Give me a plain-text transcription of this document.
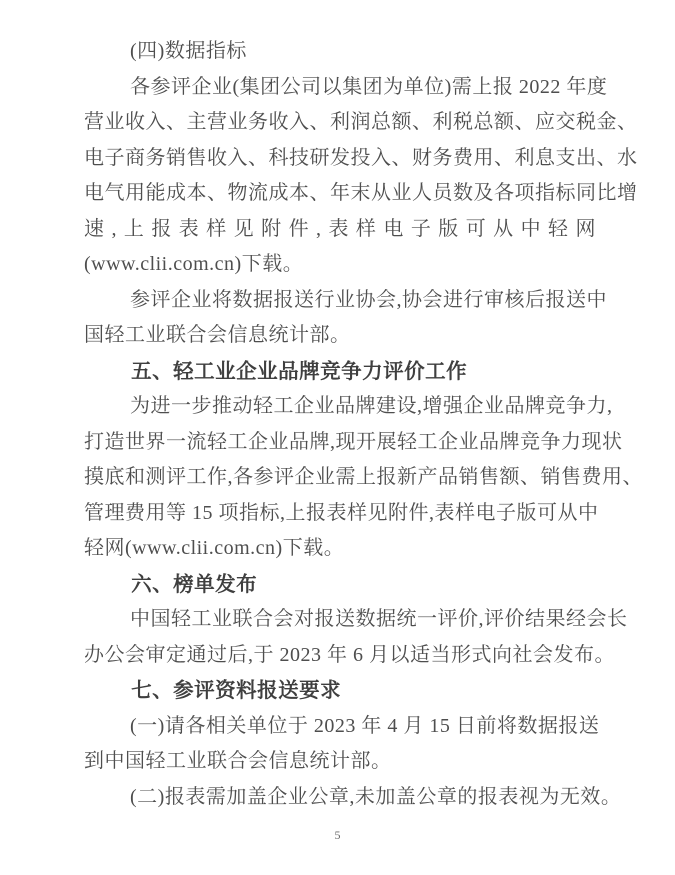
(四)数据指标
各参评企业(集团公司以集团为单位)需上报 2022 年度
营业收入、主营业务收入、利润总额、利税总额、应交税金、
电子商务销售收入、科技研发投入、财务费用、利息支出、水
电气用能成本、物流成本、年末从业人员数及各项指标同比增
速,上报表样见附件,表样电子版可从中轻网
(www.clii.com.cn)下载。
参评企业将数据报送行业协会,协会进行审核后报送中
国轻工业联合会信息统计部。
五、轻工业企业品牌竞争力评价工作
为进一步推动轻工企业品牌建设,增强企业品牌竞争力,
打造世界一流轻工企业品牌,现开展轻工企业品牌竞争力现状
摸底和测评工作,各参评企业需上报新产品销售额、销售费用、
管理费用等 15 项指标,上报表样见附件,表样电子版可从中
轻网(www.clii.com.cn)下载。
六、榜单发布
中国轻工业联合会对报送数据统一评价,评价结果经会长
办公会审定通过后,于 2023 年 6 月以适当形式向社会发布。
七、参评资料报送要求
(一)请各相关单位于 2023 年 4 月 15 日前将数据报送
到中国轻工业联合会信息统计部。
(二)报表需加盖企业公章,未加盖公章的报表视为无效。
5
